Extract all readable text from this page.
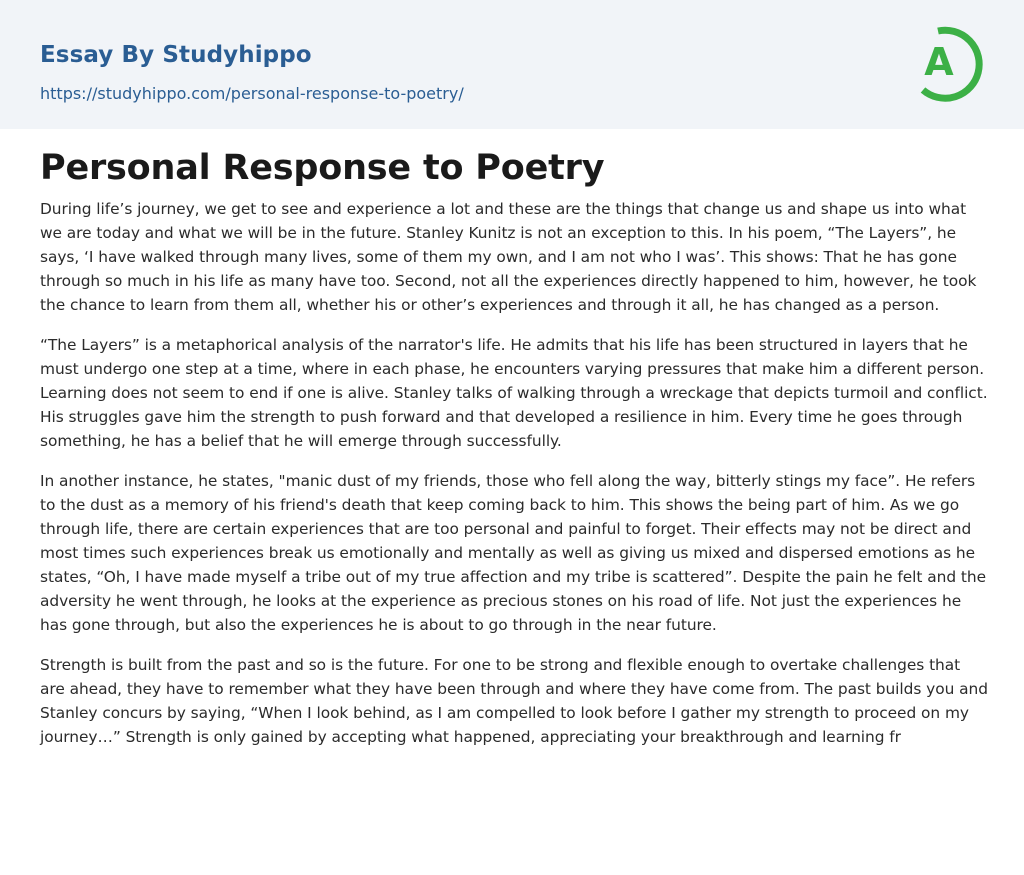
Essay By Studyhippo
https://studyhippo.com/personal-response-to-poetry/
A
Personal Response to Poetry

During life’s journey, we get to see and experience a lot and these are the things that change us and shape us into what we are today and what we will be in the future. Stanley Kunitz is not an exception to this. In his poem, “The Layers”, he says, ‘I have walked through many lives, some of them my own, and I am not who I was’. This shows: That he has gone through so much in his life as many have too. Second, not all the experiences directly happened to him, however, he took the chance to learn from them all, whether his or other’s experiences and through it all, he has changed as a person.

“The Layers” is a metaphorical analysis of the narrator's life. He admits that his life has been structured in layers that he must undergo one step at a time, where in each phase, he encounters varying pressures that make him a different person. Learning does not seem to end if one is alive. Stanley talks of walking through a wreckage that depicts turmoil and conflict. His struggles gave him the strength to push forward and that developed a resilience in him. Every time he goes through something, he has a belief that he will emerge through successfully.

In another instance, he states, "manic dust of my friends, those who fell along the way, bitterly stings my face”. He refers to the dust as a memory of his friend's death that keep coming back to him. This shows the being part of him. As we go through life, there are certain experiences that are too personal and painful to forget. Their effects may not be direct and most times such experiences break us emotionally and mentally as well as giving us mixed and dispersed emotions as he states, “Oh, I have made myself a tribe out of my true affection and my tribe is scattered”. Despite the pain he felt and the adversity he went through, he looks at the experience as precious stones on his road of life. Not just the experiences he has gone through, but also the experiences he is about to go through in the near future.

Strength is built from the past and so is the future. For one to be strong and flexible enough to overtake challenges that are ahead, they have to remember what they have been through and where they have come from. The past builds you and Stanley concurs by saying, “When I look behind, as I am compelled to look before I gather my strength to proceed on my journey…” Strength is only gained by accepting what happened, appreciating your breakthrough and learning fr
